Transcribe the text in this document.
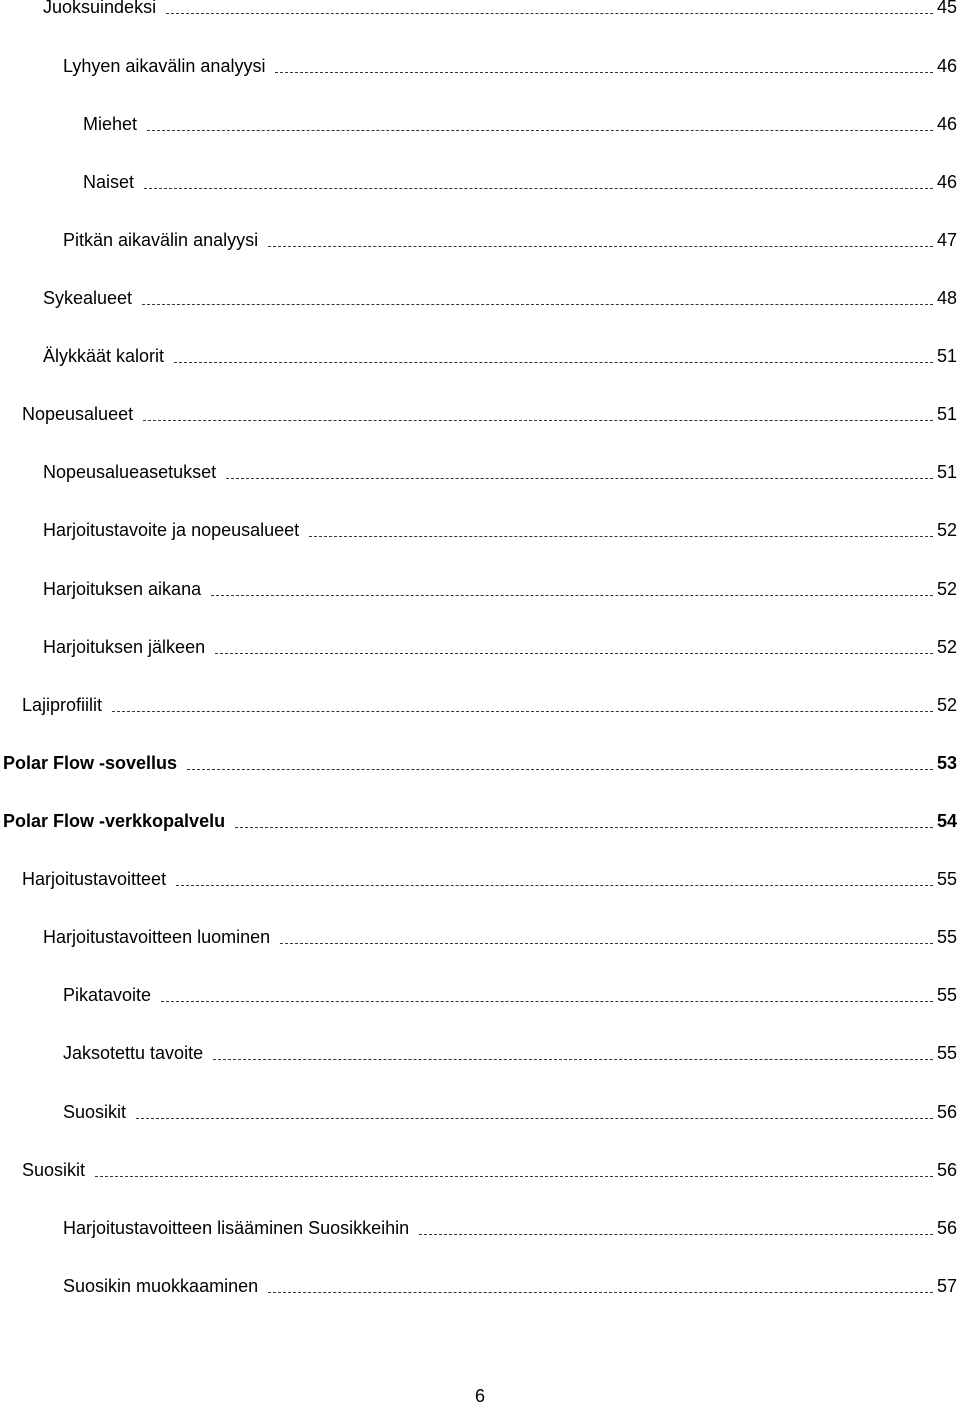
Juoksuindeksi	45
Lyhyen aikavälin analyysi	46
Miehet	46
Naiset	46
Pitkän aikavälin analyysi	47
Sykealueet	48
Älykkäät kalorit	51
Nopeusalueet	51
Nopeusalueasetukset	51
Harjoitustavoite ja nopeusalueet	52
Harjoituksen aikana	52
Harjoituksen jälkeen	52
Lajiprofiilit	52
Polar Flow -sovellus	53
Polar Flow -verkkopalvelu	54
Harjoitustavoitteet	55
Harjoitustavoitteen luominen	55
Pikatavoite	55
Jaksotettu tavoite	55
Suosikit	56
Suosikit	56
Harjoitustavoitteen lisääminen Suosikkeihin	56
Suosikin muokkaaminen	57
6
